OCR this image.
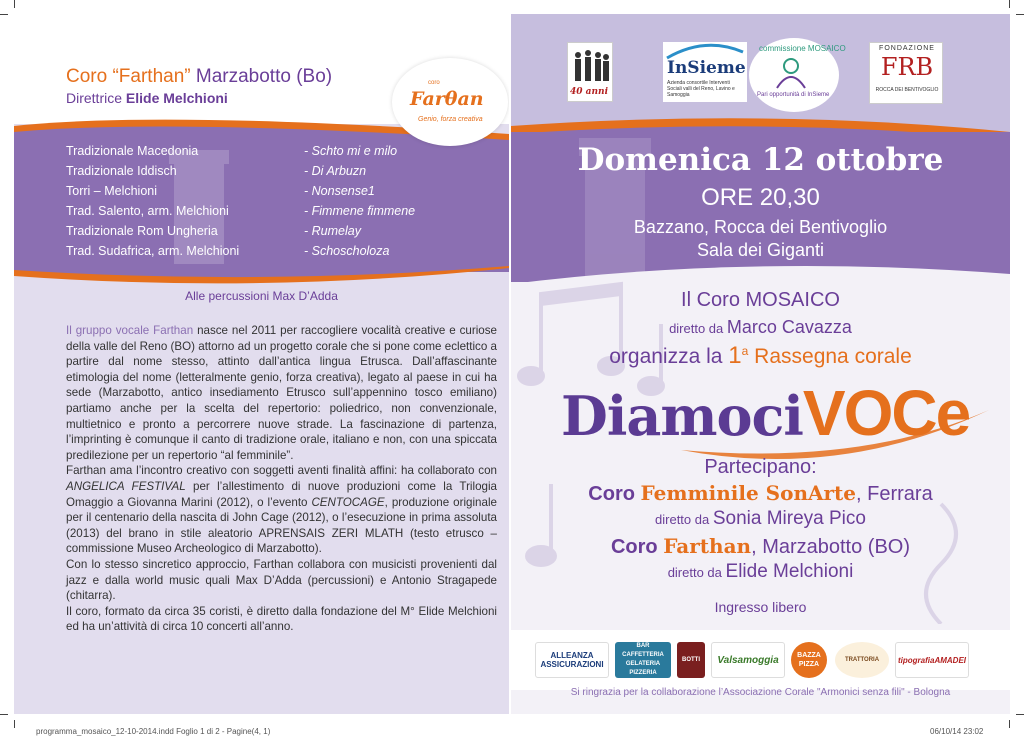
Coro “Farthan” Marzabotto (Bo)
Direttrice Elide Melchioni
coro
Farθan
Genio, forza creativa
Tradizionale Macedonia	- Schto mi e milo
Tradizionale Iddisch	- Di Arbuzn
Torri – Melchioni	- Nonsense1
Trad. Salento, arm. Melchioni	- Fimmene fimmene
Tradizionale Rom Ungheria	- Rumelay
Trad. Sudafrica, arm. Melchioni	- Schoscholoza
Alle percussioni Max D’Adda

Il gruppo vocale Farthan nasce nel 2011 per raccogliere vocalità creative e curiose della valle del Reno (BO) attorno ad un progetto corale che si pone come eclettico a partire dal nome stesso, attinto dall’antica lingua Etrusca. Dall’affascinante etimologia del nome (letteralmente genio, forza creativa), legato al paese in cui ha sede (Marzabotto, antico insediamento Etrusco sull’appennino tosco emiliano) partiamo anche per la scelta del repertorio: poliedrico, non convenzionale, multietnico e pronto a percorrere nuove strade. La fascinazione di partenza, l’imprinting è comunque il canto di tradizione orale, italiano e non, con una spiccata predilezione per un repertorio “al femminile”.

Farthan ama l’incontro creativo con soggetti aventi finalità affini: ha collaborato con ANGELICA FESTIVAL per l’allestimento di nuove produzioni come la Trilogia Omaggio a Giovanna Marini (2012), o l’evento CENTOCAGE, produzione originale per il centenario della nascita di John Cage (2012), o l’esecuzione in prima assoluta (2013) del brano in stile aleatorio APRENSAIS ZERI MLATH (testo etrusco – commissione Museo Archeologico di Marzabotto).

Con lo stesso sincretico approccio, Farthan collabora con musicisti provenienti dal jazz e dalla world music quali Max D’Adda (percussioni) e Antonio Stragapede (chitarra).

Il coro, formato da circa 35 coristi, è diretto dalla fondazione del M° Elide Melchioni ed ha un’attività di circa 10 concerti all’anno.

40 anni
InSieme
Azienda consortile Interventi Sociali valli del Reno, Lavino e Samoggia
commissione MOSAICO
Pari opportunità di InSieme
FONDAZIONE
FRB
ROCCA DEI BENTIVOGLIO
Domenica 12 ottobre
ORE 20,30
Bazzano, Rocca dei Bentivoglio
Sala dei Giganti
Il Coro MOSAICO
diretto da Marco Cavazza
organizza la 1$^a$ Rassegna corale
DiamociVOCe
Partecipano:
Coro Femminile SonArte, Ferrara
diretto da Sonia Mireya Pico
Coro Farthan, Marzabotto (BO)
diretto da Elide Melchioni
Ingresso libero
ALLEANZA ASSICURAZIONI
BAR CAFFETTERIA GELATERIA PIZZERIA
BOTTI	Valsamoggia	BAZZA PIZZA
TRATTORIA	tipografiaAMADEI
Si ringrazia per la collaborazione l’Associazione Corale "Armonici senza fili" - Bologna
programma_mosaico_12-10-2014.indd Foglio 1 di 2 - Pagine(4, 1)	06/10/14 23:02
